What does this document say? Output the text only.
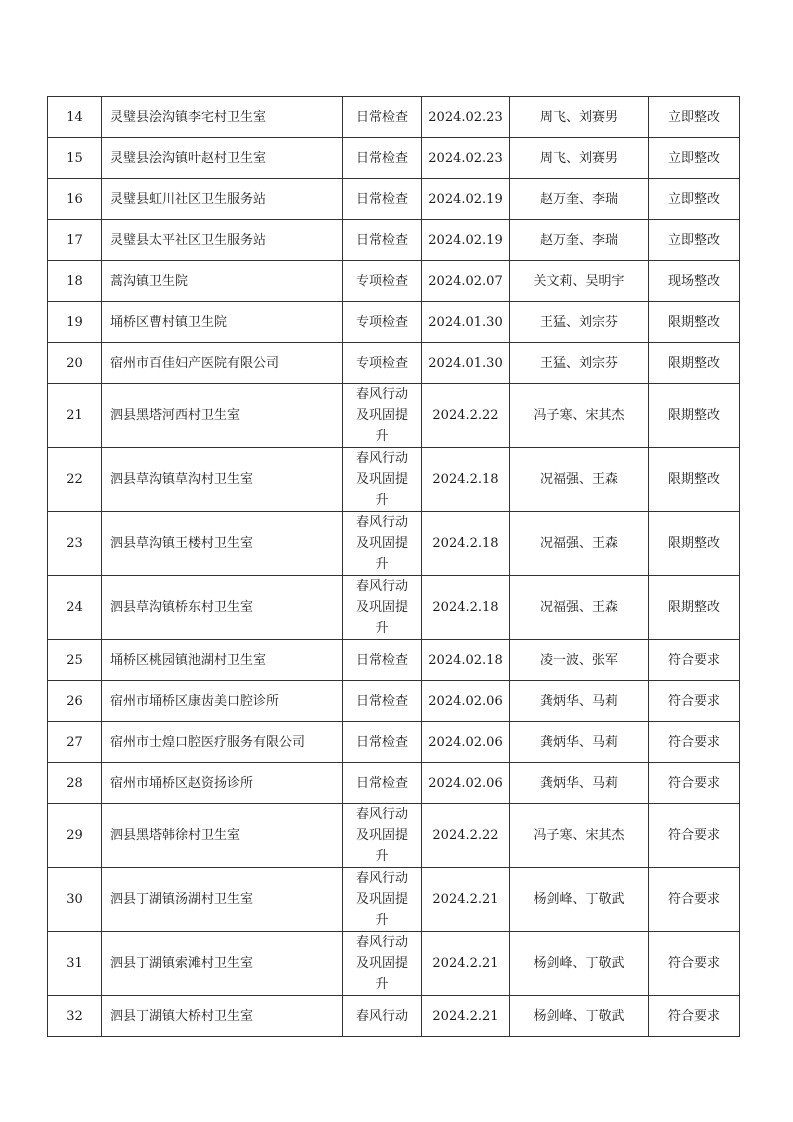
14	灵璧县浍沟镇李宅村卫生室	日常检查	2024.02.23	周飞、刘赛男	立即整改
15	灵璧县浍沟镇叶赵村卫生室	日常检查	2024.02.23	周飞、刘赛男	立即整改
16	灵璧县虹川社区卫生服务站	日常检查	2024.02.19	赵万奎、李瑞	立即整改
17	灵璧县太平社区卫生服务站	日常检查	2024.02.19	赵万奎、李瑞	立即整改
18	蒿沟镇卫生院	专项检查	2024.02.07	关文莉、吴明宇	现场整改
19	埇桥区曹村镇卫生院	专项检查	2024.01.30	王猛、刘宗芬	限期整改
20	宿州市百佳妇产医院有限公司	专项检查	2024.01.30	王猛、刘宗芬	限期整改
21	泗县黑塔河西村卫生室	春风行动及巩固提升	2024.2.22	冯子寒、宋其杰	限期整改
22	泗县草沟镇草沟村卫生室	春风行动及巩固提升	2024.2.18	况福强、王森	限期整改
23	泗县草沟镇王楼村卫生室	春风行动及巩固提升	2024.2.18	况福强、王森	限期整改
24	泗县草沟镇桥东村卫生室	春风行动及巩固提升	2024.2.18	况福强、王森	限期整改
25	埇桥区桃园镇池湖村卫生室	日常检查	2024.02.18	凌一波、张军	符合要求
26	宿州市埇桥区康齿美口腔诊所	日常检查	2024.02.06	龚炳华、马莉	符合要求
27	宿州市士煌口腔医疗服务有限公司	日常检查	2024.02.06	龚炳华、马莉	符合要求
28	宿州市埇桥区赵资扬诊所	日常检查	2024.02.06	龚炳华、马莉	符合要求
29	泗县黑塔韩徐村卫生室	春风行动及巩固提升	2024.2.22	冯子寒、宋其杰	符合要求
30	泗县丁湖镇汤湖村卫生室	春风行动及巩固提升	2024.2.21	杨剑峰、丁敬武	符合要求
31	泗县丁湖镇索滩村卫生室	春风行动及巩固提升	2024.2.21	杨剑峰、丁敬武	符合要求
32	泗县丁湖镇大桥村卫生室	春风行动	2024.2.21	杨剑峰、丁敬武	符合要求
